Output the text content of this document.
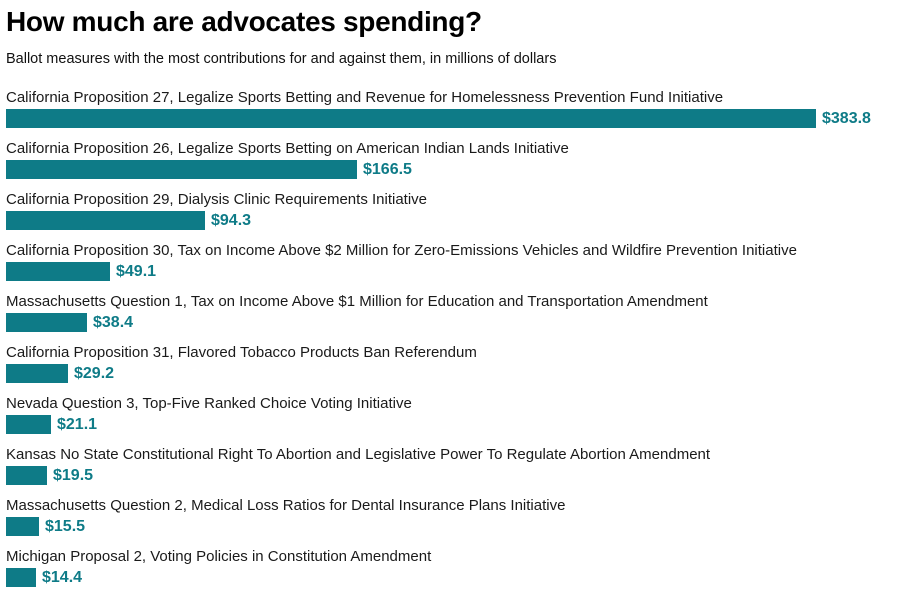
How much are advocates spending?

Ballot measures with the most contributions for and against them, in millions of dollars

California Proposition 27, Legalize Sports Betting and Revenue for Homelessness Prevention Fund Initiative
$383.8
California Proposition 26, Legalize Sports Betting on American Indian Lands Initiative
$166.5
California Proposition 29, Dialysis Clinic Requirements Initiative
$94.3
California Proposition 30, Tax on Income Above $2 Million for Zero-Emissions Vehicles and Wildfire Prevention Initiative
$49.1
Massachusetts Question 1, Tax on Income Above $1 Million for Education and Transportation Amendment
$38.4
California Proposition 31, Flavored Tobacco Products Ban Referendum
$29.2
Nevada Question 3, Top-Five Ranked Choice Voting Initiative
$21.1
Kansas No State Constitutional Right To Abortion and Legislative Power To Regulate Abortion Amendment
$19.5
Massachusetts Question 2, Medical Loss Ratios for Dental Insurance Plans Initiative
$15.5
Michigan Proposal 2, Voting Policies in Constitution Amendment
$14.4
